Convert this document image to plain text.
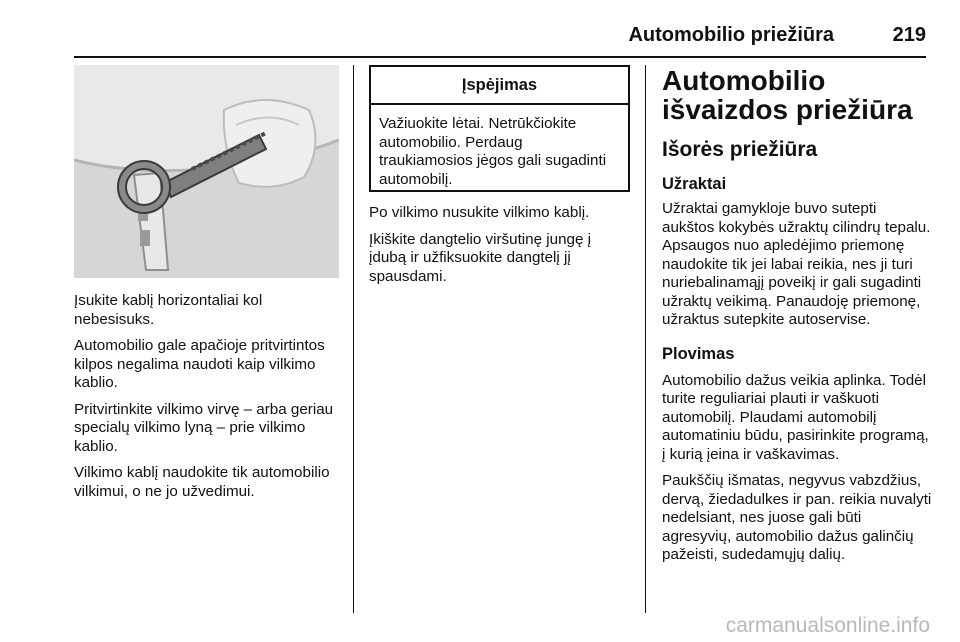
Automobilio priežiūra	219

Įsukite kablį horizontaliai kol nebesisuks.

Automobilio gale apačioje pritvirtintos kilpos negalima naudoti kaip vilkimo kablio.

Pritvirtinkite vilkimo virvę – arba geriau specialų vilkimo lyną – prie vilkimo kablio.

Vilkimo kablį naudokite tik automobilio vilkimui, o ne jo užvedimui.

Įspėjimas
Važiuokite lėtai. Netrūkčiokite automobilio. Perdaug traukiamosios jėgos gali sugadinti automobilį.

Po vilkimo nusukite vilkimo kablį.

Įkiškite dangtelio viršutinę jungę į įdubą ir užfiksuokite dangtelį jį spausdami.

Automobilio išvaizdos priežiūra
Išorės priežiūra
Užraktai

Užraktai gamykloje buvo sutepti aukštos kokybės užraktų cilindrų tepalu. Apsaugos nuo apledėjimo priemonę naudokite tik jei labai reikia, nes ji turi nuriebalinamąjį poveikį ir gali sugadinti užraktų veikimą. Panaudoję priemonę, užraktus sutepkite autoservise.

Plovimas

Automobilio dažus veikia aplinka. Todėl turite reguliariai plauti ir vaškuoti automobilį. Plaudami automobilį automatiniu būdu, pasirinkite programą, į kurią įeina ir vaškavimas.

Paukščių išmatas, negyvus vabzdžius, dervą, žiedadulkes ir pan. reikia nuvalyti nedelsiant, nes juose gali būti agresyvių, automobilio dažus galinčių pažeisti, sudedamųjų dalių.

carmanualsonline.info
